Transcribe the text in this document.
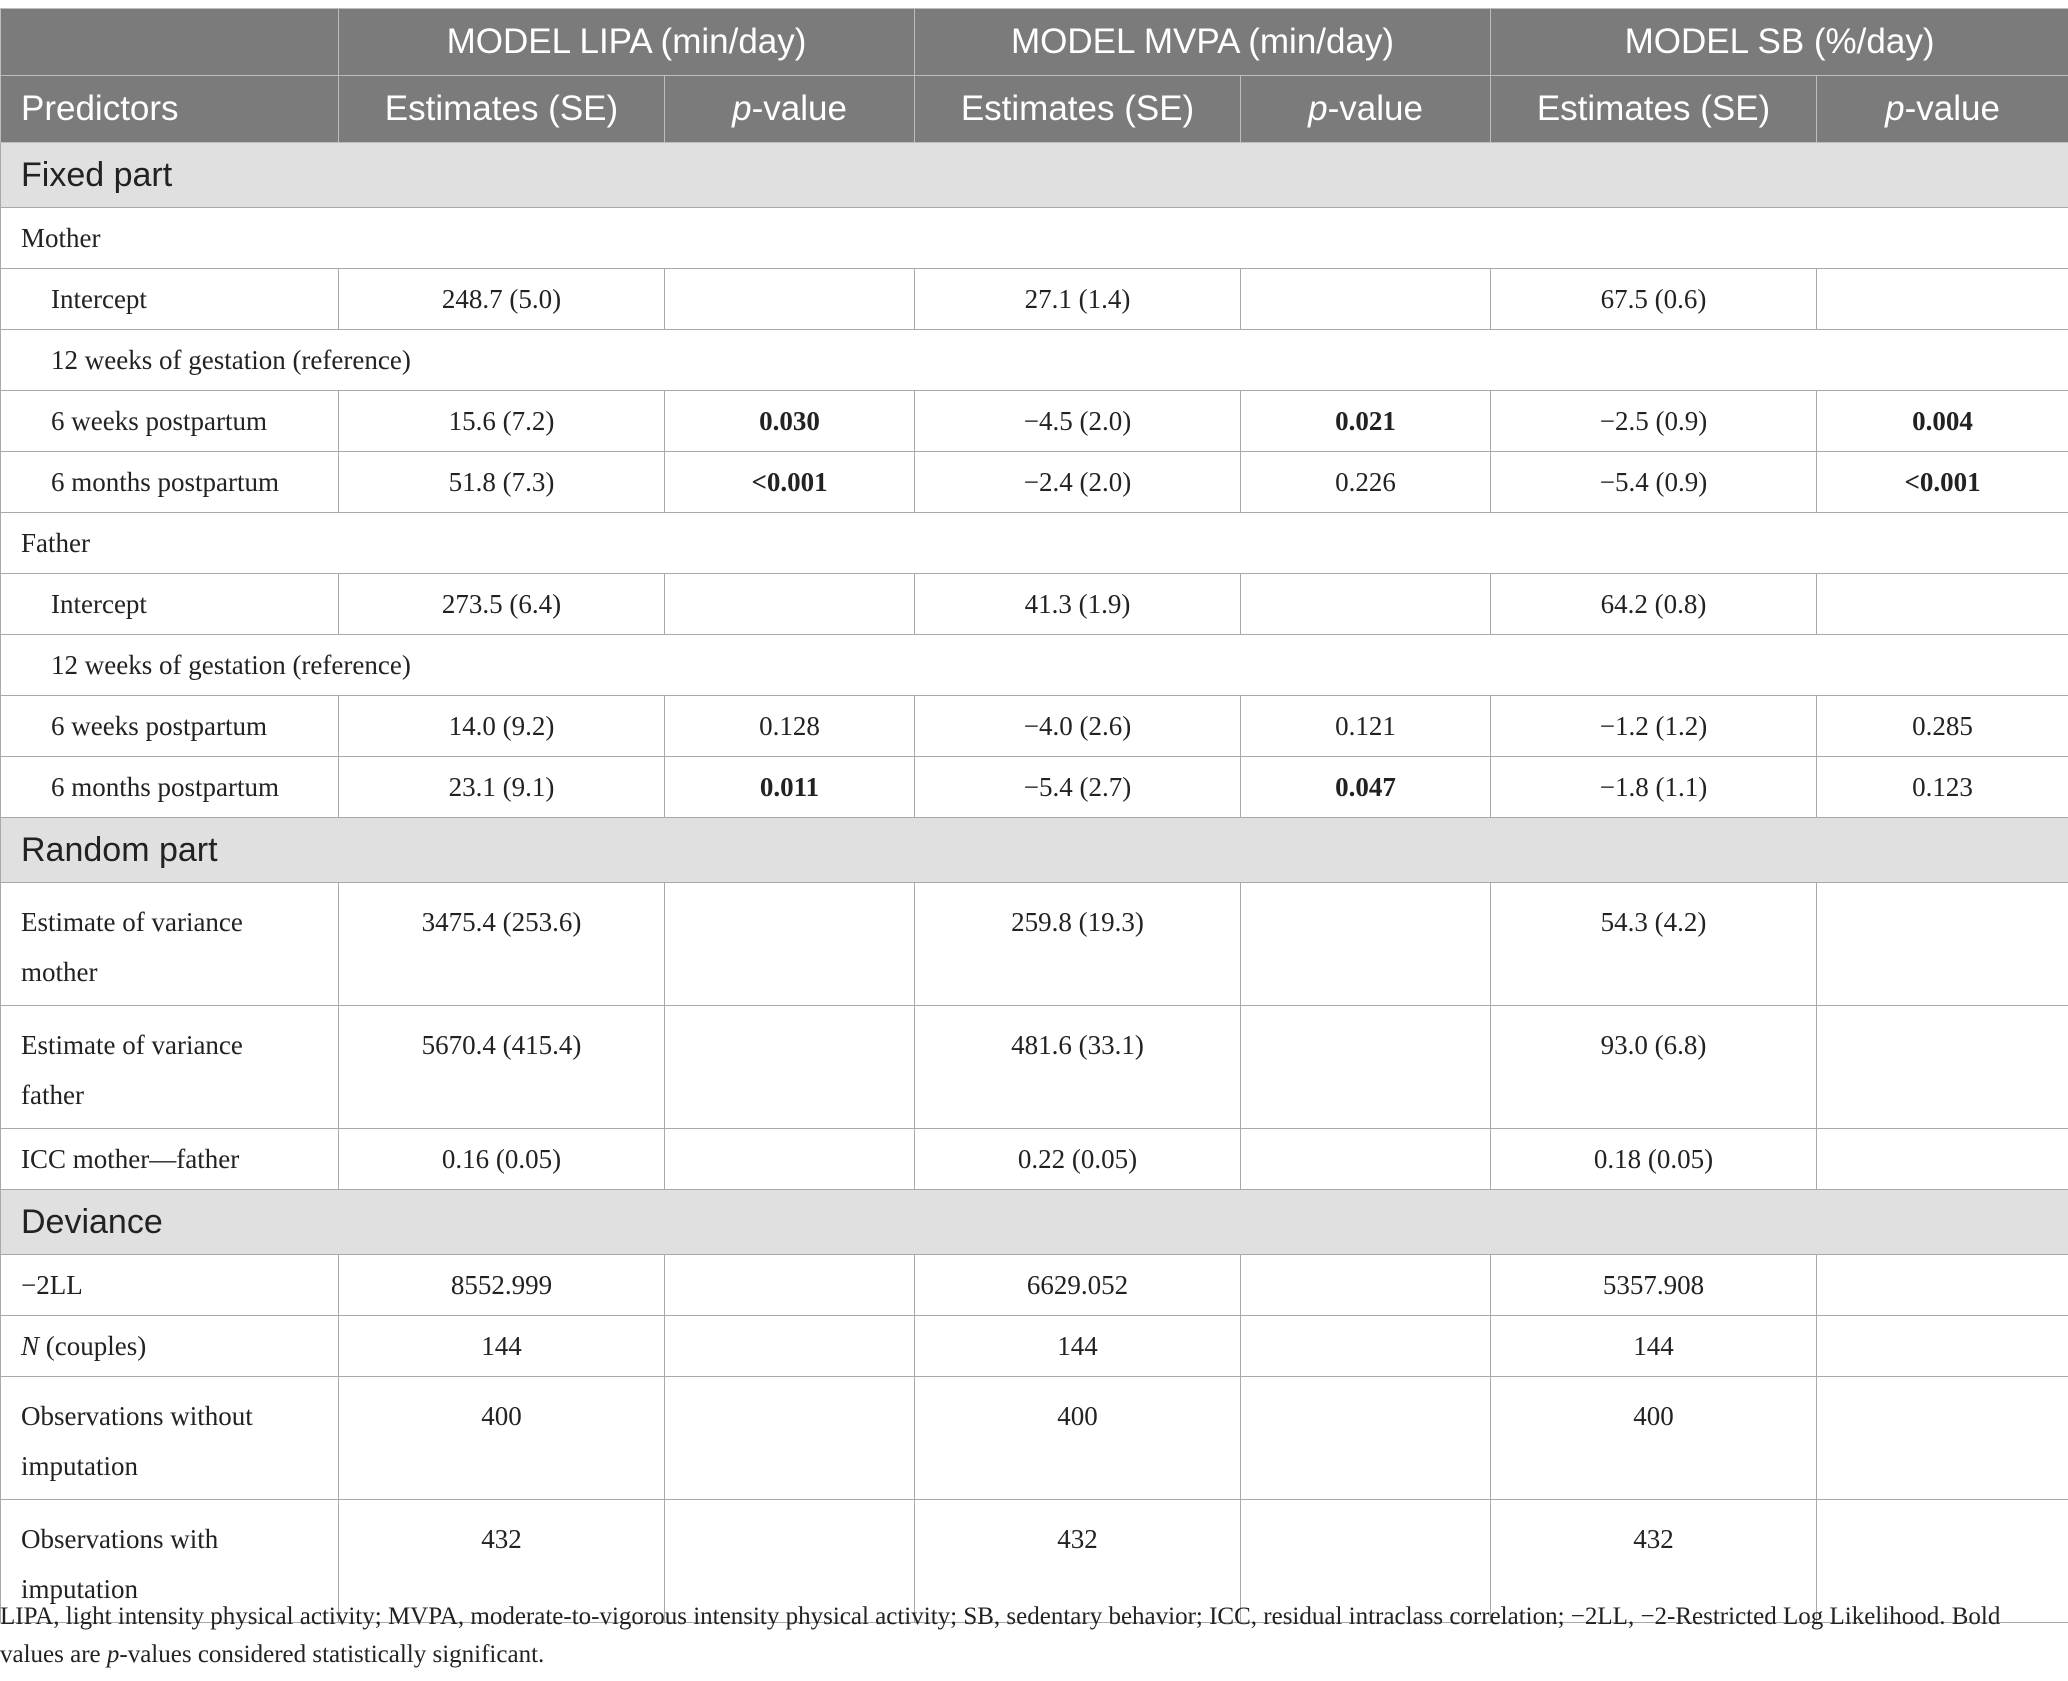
	MODEL LIPA (min/day)		MODEL MVPA (min/day)		MODEL SB (%/day)	
Predictors	Estimates (SE)	p-value	Estimates (SE)	p-value	Estimates (SE)	p-value
Fixed part						
Mother						
Intercept	248.7 (5.0)		27.1 (1.4)		67.5 (0.6)	
12 weeks of gestation (reference)						
6 weeks postpartum	15.6 (7.2)	0.030	−4.5 (2.0)	0.021	−2.5 (0.9)	0.004
6 months postpartum	51.8 (7.3)	<0.001	−2.4 (2.0)	0.226	−5.4 (0.9)	<0.001
Father						
Intercept	273.5 (6.4)		41.3 (1.9)		64.2 (0.8)	
12 weeks of gestation (reference)						
6 weeks postpartum	14.0 (9.2)	0.128	−4.0 (2.6)	0.121	−1.2 (1.2)	0.285
6 months postpartum	23.1 (9.1)	0.011	−5.4 (2.7)	0.047	−1.8 (1.1)	0.123
Random part						
Estimate of variance
mother	3475.4 (253.6)		259.8 (19.3)		54.3 (4.2)	
Estimate of variance
father	5670.4 (415.4)		481.6 (33.1)		93.0 (6.8)	
ICC mother—father	0.16 (0.05)		0.22 (0.05)		0.18 (0.05)	
Deviance						
−2LL	8552.999		6629.052		5357.908	
N (couples)	144		144		144	
Observations without
imputation	400		400		400	
Observations with
imputation	432		432		432	
LIPA, light intensity physical activity; MVPA, moderate-to-vigorous intensity physical activity; SB, sedentary behavior; ICC, residual intraclass correlation; −2LL, −2-Restricted Log Likelihood. Bold values are p-values considered statistically significant.
